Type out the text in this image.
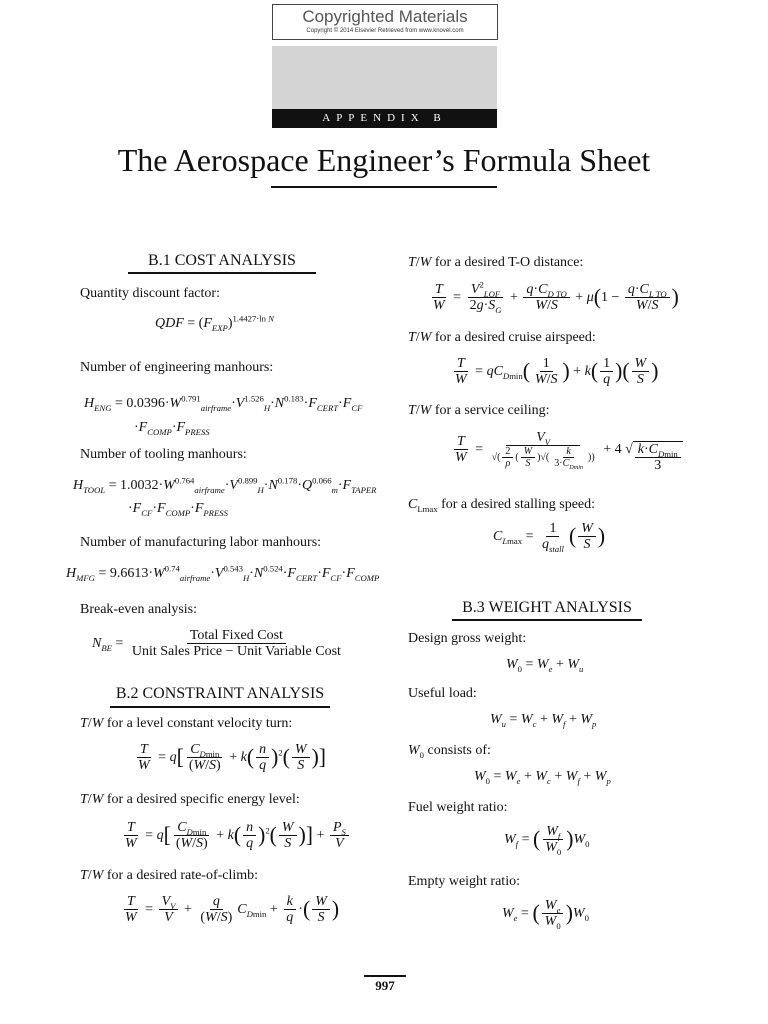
Copyrighted Materials
Copyright © 2014 Elsevier Retrieved from www.knovel.com
APPENDIX B
The Aerospace Engineer’s Formula Sheet
B.1 COST ANALYSIS
Quantity discount factor:
QDF = $(F_{EXP})^{1.4427\cdot ln N}$
Number of engineering manhours:
$H_{ENG} = 0.0396\cdot W^{0.791}_{airframe}\cdot V^{1.526}_H\cdot N^{0.183}\cdot F_{CERT}\cdot F_{CF}$
$\cdot F_{COMP}\cdot F_{PRESS}$
Number of tooling manhours:
$H_{TOOL} = 1.0032\cdot W^{0.764}_{airframe}\cdot V^{0.899}_H\cdot N^{0.178}\cdot Q^{0.066}_m\cdot F_{TAPER}$
$\cdot F_{CF}\cdot F_{COMP}\cdot F_{PRESS}$
Number of manufacturing labor manhours:
$H_{MFG} = 9.6613\cdot W^{0.74}_{airframe}\cdot V^{0.543}_H\cdot N^{0.524}\cdot F_{CERT}\cdot F_{CF}\cdot F_{COMP}$
Break-even analysis:
$N_{BE}$ =
Total Fixed Cost
Unit Sales Price − Unit Variable Cost
B.2 CONSTRAINT ANALYSIS
T/W for a level constant velocity turn:
$\frac{T}{W} = q$[ $C_{Dmin}$
(W/S)
+ $k( \frac{n}{q} )^2( \frac{W}{S}$ )]
T/W for a desired specific energy level:
$\frac{T}{W} = q$[ $C_{Dmin}$
(W/S)
+ $k( \frac{n}{q} )^2( \frac{W}{S}$ )] + $\frac{P_S}{V}$
T/W for a desired rate-of-climb:
$\frac{T}{W} = \frac{V_V}{V} + \frac{q}{(W/S)} C_{Dmin} + \frac{k}{q}$ ·( $\frac{W}{S}$ )
T/W for a desired T-O distance:
$\frac{T}{W}$ =
$V^2_{LOF}$
$2g\cdot S_G$
+ $\frac{q\cdot C_{D TO}}{W/S} + \mu(1 - \frac{q\cdot C_{L TO}}{W/S}$ )
T/W for a desired cruise airspeed:
$\frac{T}{W} = qC_{Dmin}( \frac{1}{W/S}$ ) + $k( \frac{1}{q}$ )( $\frac{W}{S}$ )
T/W for a service ceiling:
$\frac{T}{W}$ =
$V_V$
√( $\frac{2}{\rho}$ ( $\frac{W}{S}$ )√(
k
$3\cdot C_{Dmin}$
))
+ 4 √ $k\cdot C_{Dmin}$
3
$C_{Lmax}$ for a desired stalling speed:
$C_{Lmax}$ =
1
$q_{stall}$
( $\frac{W}{S}$ )
B.3 WEIGHT ANALYSIS
Design gross weight:
$W_0 = W_e + W_u$
Useful load:
$W_u = W_c + W_f + W_p$
$W_0$ consists of:
$W_0 = W_e + W_c + W_f + W_p$
Fuel weight ratio:
$W_f$ = ( $\frac{W_f}{W_0} )W_0$
Empty weight ratio:
$W_e$ = ( $\frac{W_e}{W_0} )W_0$
997
